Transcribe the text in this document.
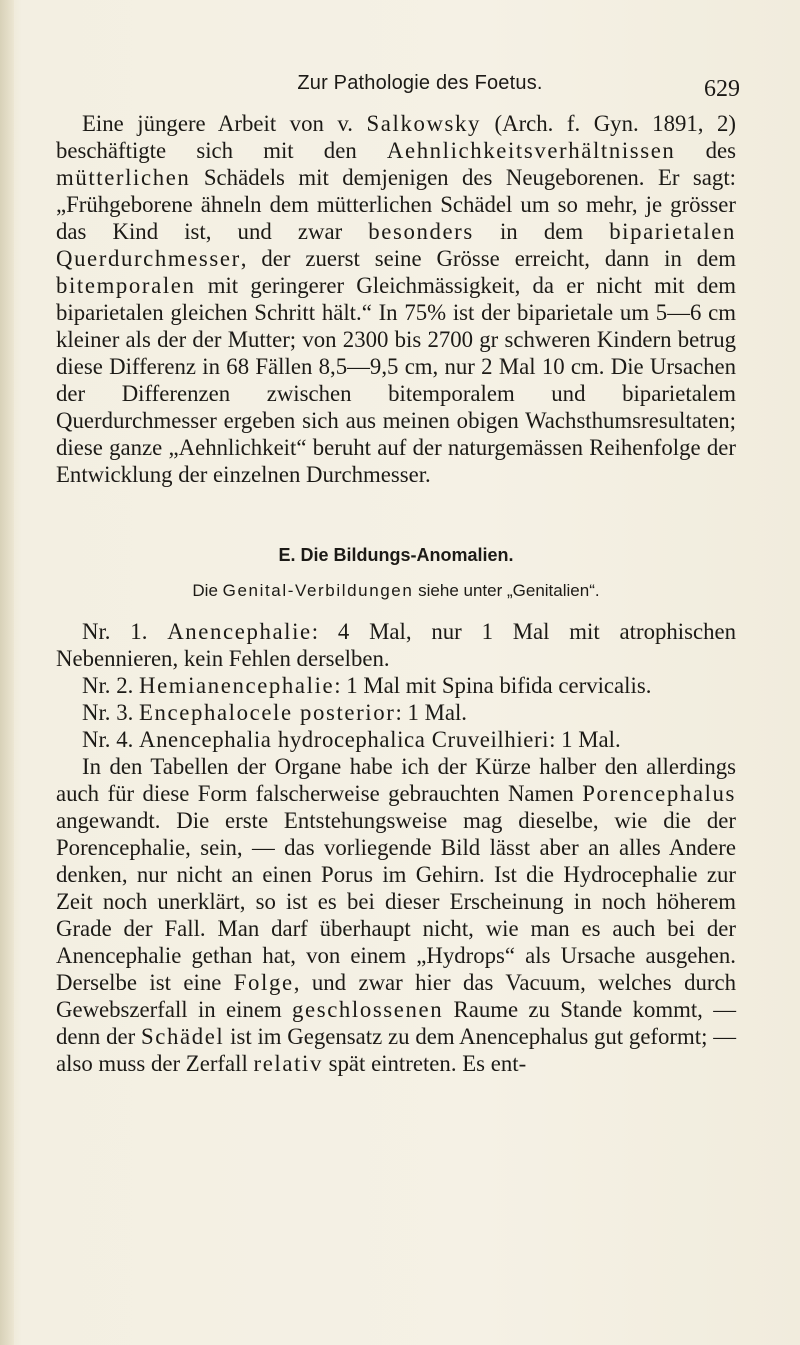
Zur Pathologie des Foetus.	629

Eine jüngere Arbeit von v. Salkowsky (Arch. f. Gyn. 1891, 2) beschäftigte sich mit den Aehnlichkeitsverhältnissen des mütterlichen Schädels mit demjenigen des Neugeborenen. Er sagt: „Frühgeborene ähneln dem mütterlichen Schädel um so mehr, je grösser das Kind ist, und zwar besonders in dem biparietalen Querdurchmesser, der zuerst seine Grösse erreicht, dann in dem bitemporalen mit geringerer Gleichmässigkeit, da er nicht mit dem biparietalen gleichen Schritt hält.“ In 75% ist der biparietale um 5—6 cm kleiner als der der Mutter; von 2300 bis 2700 gr schweren Kindern betrug diese Differenz in 68 Fällen 8,5—9,5 cm, nur 2 Mal 10 cm. Die Ursachen der Differenzen zwischen bitemporalem und biparietalem Querdurchmesser ergeben sich aus meinen obigen Wachsthumsresultaten; diese ganze „Aehnlichkeit“ beruht auf der naturgemässen Reihenfolge der Entwicklung der einzelnen Durchmesser.

E. Die Bildungs-Anomalien.
Die Genital-Verbildungen siehe unter „Genitalien“.

Nr. 1. Anencephalie: 4 Mal, nur 1 Mal mit atrophischen Nebennieren, kein Fehlen derselben.

Nr. 2. Hemianencephalie: 1 Mal mit Spina bifida cervicalis.

Nr. 3. Encephalocele posterior: 1 Mal.

Nr. 4. Anencephalia hydrocephalica Cruveilhieri: 1 Mal.

In den Tabellen der Organe habe ich der Kürze halber den allerdings auch für diese Form falscherweise gebrauchten Namen Porencephalus angewandt. Die erste Entstehungsweise mag dieselbe, wie die der Porencephalie, sein, — das vorliegende Bild lässt aber an alles Andere denken, nur nicht an einen Porus im Gehirn. Ist die Hydrocephalie zur Zeit noch unerklärt, so ist es bei dieser Erscheinung in noch höherem Grade der Fall. Man darf überhaupt nicht, wie man es auch bei der Anencephalie gethan hat, von einem „Hydrops“ als Ursache ausgehen. Derselbe ist eine Folge, und zwar hier das Vacuum, welches durch Gewebszerfall in einem geschlossenen Raume zu Stande kommt, — denn der Schädel ist im Gegensatz zu dem Anencephalus gut geformt; — also muss der Zerfall relativ spät eintreten. Es ent-
